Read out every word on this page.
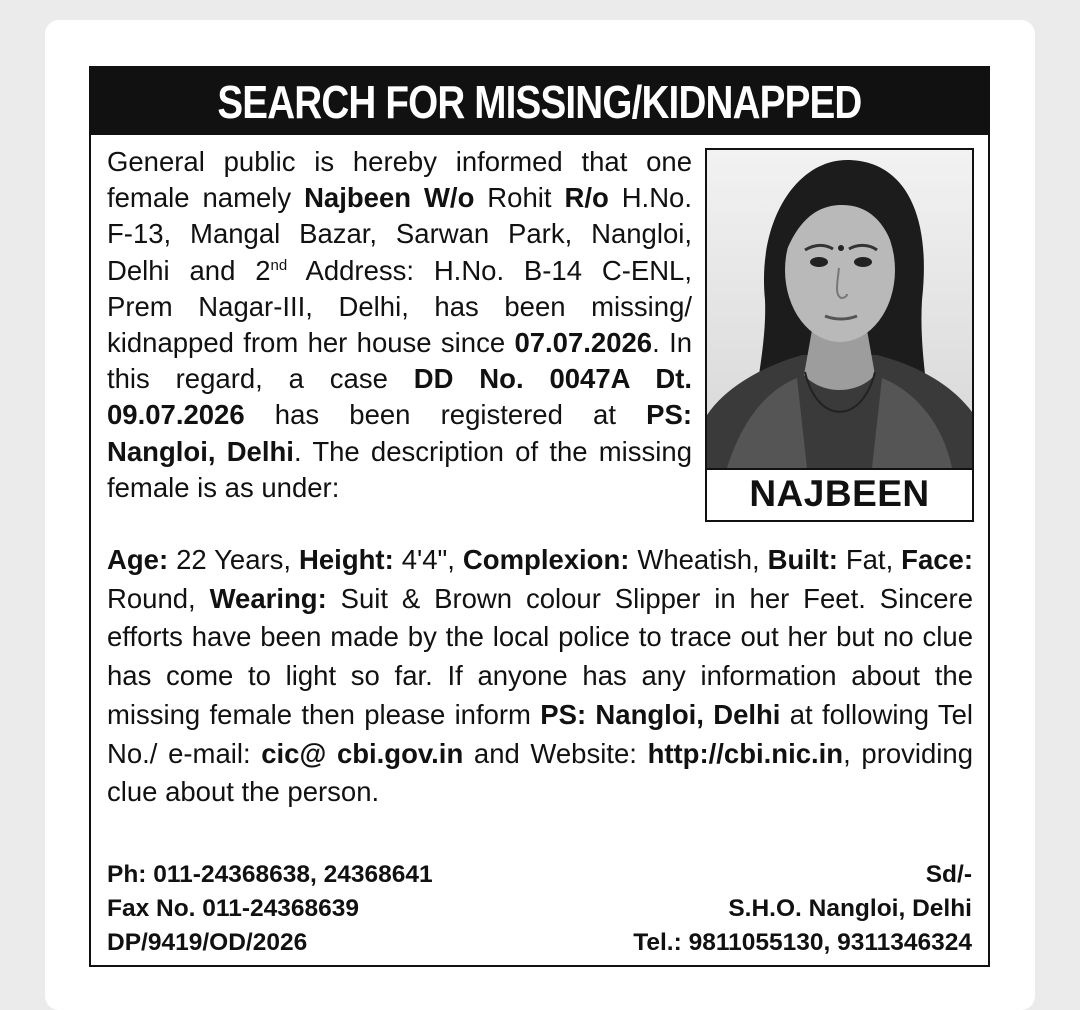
SEARCH FOR MISSING/KIDNAPPED
General public is hereby informed that one female namely Najbeen W/o Rohit R/o H.No. F-13, Mangal Bazar, Sarwan Park, Nangloi, Delhi and 2nd Address: H.No. B-14 C-ENL, Prem Nagar-III, Delhi, has been missing/ kidnapped from her house since 07.07.2026. In this regard, a case DD No. 0047A Dt. 09.07.2026 has been registered at PS: Nangloi, Delhi. The description of the missing female is as under:	NAJBEEN
Age: 22 Years, Height: 4'4", Complexion: Wheatish, Built: Fat, Face: Round, Wearing: Suit & Brown colour Slipper in her Feet. Sincere efforts have been made by the local police to trace out her but no clue has come to light so far. If anyone has any information about the missing female then please inform PS: Nangloi, Delhi at following Tel No./ e-mail: cic@ cbi.gov.in and Website: http://cbi.nic.in, providing clue about the person.
Ph: 011-24368638, 24368641
Fax No. 011-24368639
DP/9419/OD/2026
Sd/-
S.H.O. Nangloi, Delhi
Tel.: 9811055130, 9311346324
